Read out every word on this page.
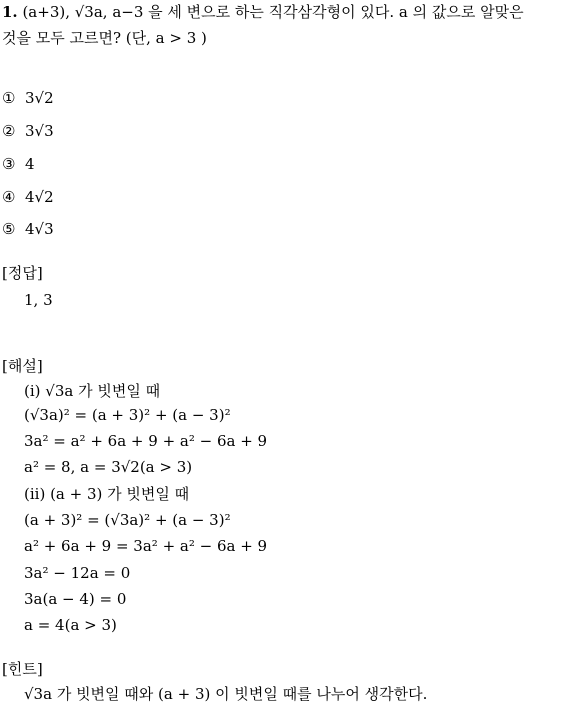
1. (a+3), √3a, a−3 을 세 변으로 하는 직각삼각형이 있다. a 의 값으로 알맞은
것을 모두 고르면? (단, a > 3 )
① 3√2
② 3√3
③ 4
④ 4√2
⑤ 4√3
[정답]
1, 3
[해설]
(i) √3a 가 빗변일 때
(√3a)² = (a + 3)² + (a − 3)²
3a² = a² + 6a + 9 + a² − 6a + 9
a² = 8, a = 3√2(a > 3)
(ii) (a + 3) 가 빗변일 때
(a + 3)² = (√3a)² + (a − 3)²
a² + 6a + 9 = 3a² + a² − 6a + 9
3a² − 12a = 0
3a(a − 4) = 0
a = 4(a > 3)
[힌트]
√3a 가 빗변일 때와 (a + 3) 이 빗변일 때를 나누어 생각한다.
